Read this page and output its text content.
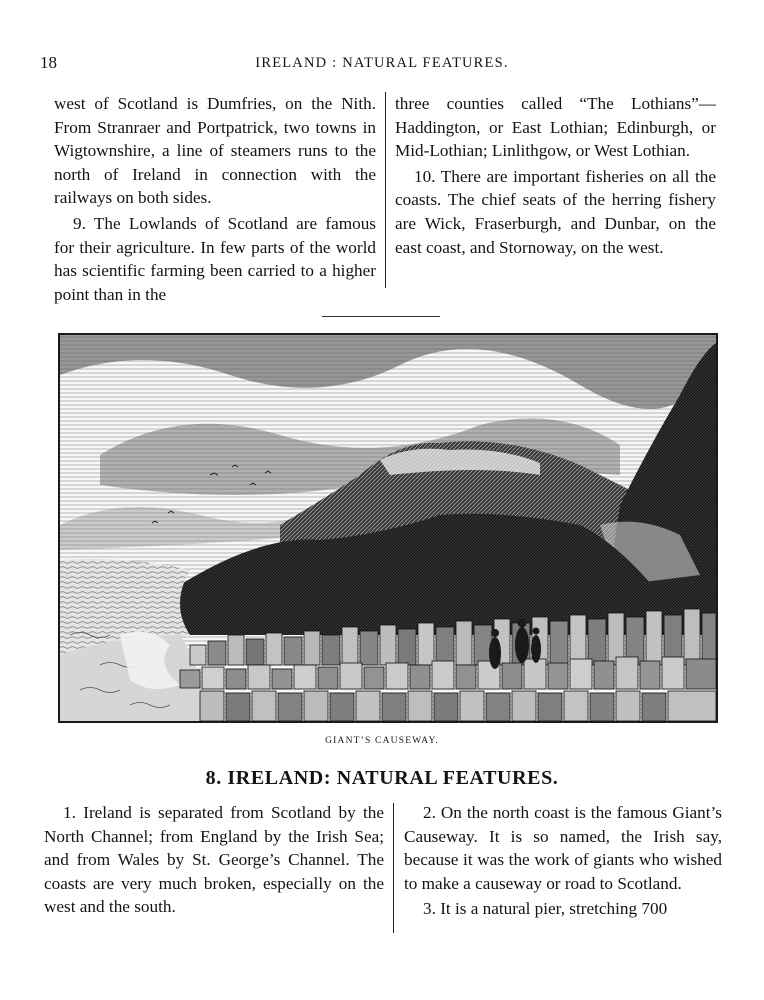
18	IRELAND : NATURAL FEATURES.

west of Scotland is Dumfries, on the Nith. From Stranraer and Portpatrick, two towns in Wigtownshire, a line of steamers runs to the north of Ireland in connection with the railways on both sides.

9. The Lowlands of Scotland are famous for their agriculture. In few parts of the world has scientific farming been carried to a higher point than in the

three counties called “The Lothians”—Haddington, or East Lothian; Edinburgh, or Mid-Lothian; Linlithgow, or West Lothian.

10. There are important fisheries on all the coasts. The chief seats of the herring fishery are Wick, Fraserburgh, and Dunbar, on the east coast, and Stornoway, on the west.

GIANT’S CAUSEWAY.
8. IRELAND: NATURAL FEATURES.

1. Ireland is separated from Scotland by the North Channel; from England by the Irish Sea; and from Wales by St. George’s Channel. The coasts are very much broken, especially on the west and the south.

2. On the north coast is the famous Giant’s Causeway. It is so named, the Irish say, because it was the work of giants who wished to make a causeway or road to Scotland.

3. It is a natural pier, stretching 700
